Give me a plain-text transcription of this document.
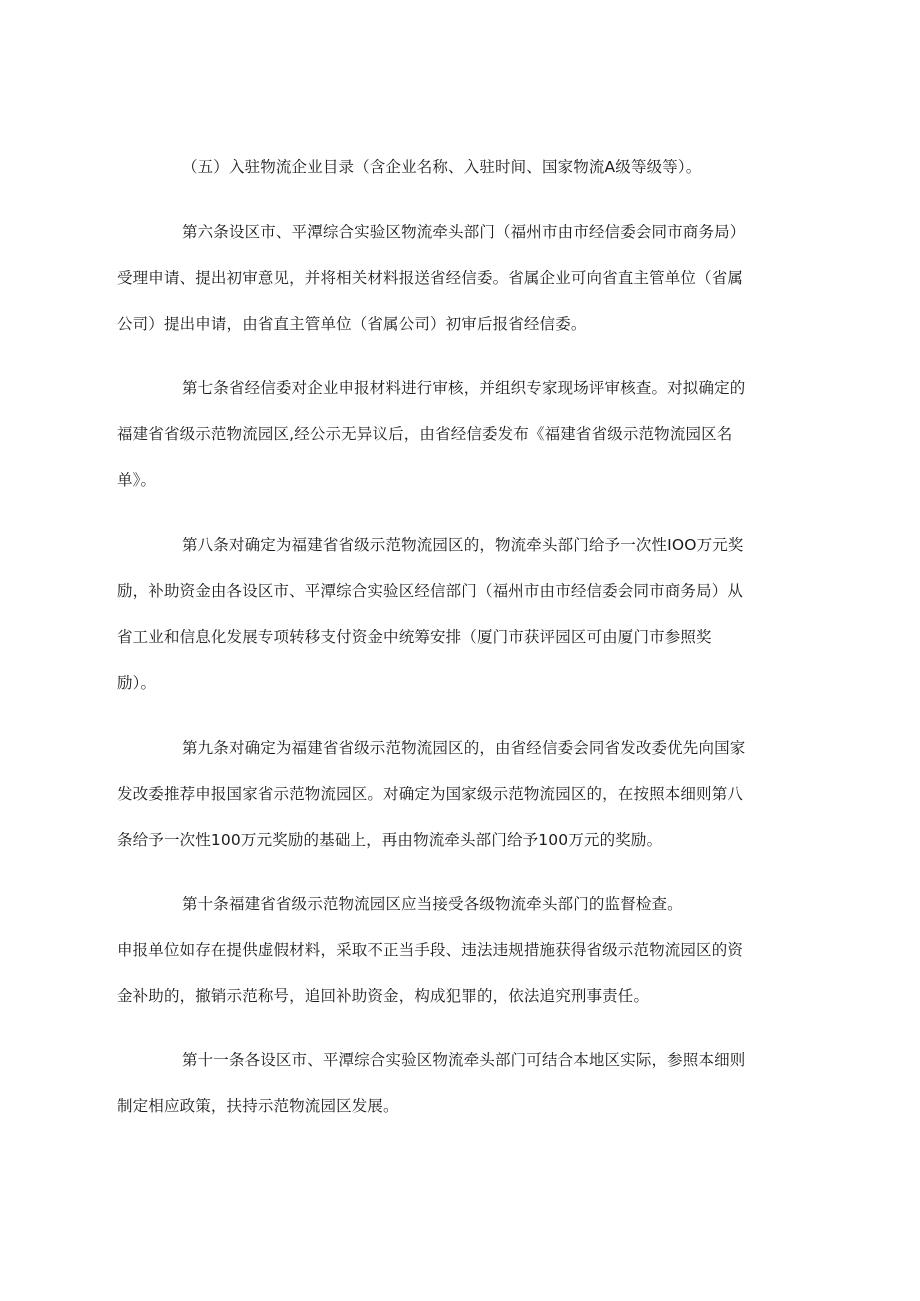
（五）入驻物流企业目录（含企业名称、入驻时间、国家物流A级等级等）。

第六条设区市、平潭综合实验区物流牵头部门（福州市由市经信委会同市商务局）

受理申请、提出初审意见，并将相关材料报送省经信委。省属企业可向省直主管单位（省属

公司）提出申请，由省直主管单位（省属公司）初审后报省经信委。

第七条省经信委对企业申报材料进行审核，并组织专家现场评审核查。对拟确定的

福建省省级示范物流园区,经公示无异议后，由省经信委发布《福建省省级示范物流园区名

单》。

第八条对确定为福建省省级示范物流园区的，物流牵头部门给予一次性IOO万元奖

励，补助资金由各设区市、平潭综合实验区经信部门（福州市由市经信委会同市商务局）从

省工业和信息化发展专项转移支付资金中统筹安排（厦门市获评园区可由厦门市参照奖

励）。

第九条对确定为福建省省级示范物流园区的，由省经信委会同省发改委优先向国家

发改委推荐申报国家省示范物流园区。对确定为国家级示范物流园区的，在按照本细则第八

条给予一次性100万元奖励的基础上，再由物流牵头部门给予100万元的奖励。

第十条福建省省级示范物流园区应当接受各级物流牵头部门的监督检查。

申报单位如存在提供虚假材料，采取不正当手段、违法违规措施获得省级示范物流园区的资

金补助的，撤销示范称号，追回补助资金，构成犯罪的，依法追究刑事责任。

第十一条各设区市、平潭综合实验区物流牵头部门可结合本地区实际，参照本细则

制定相应政策，扶持示范物流园区发展。
